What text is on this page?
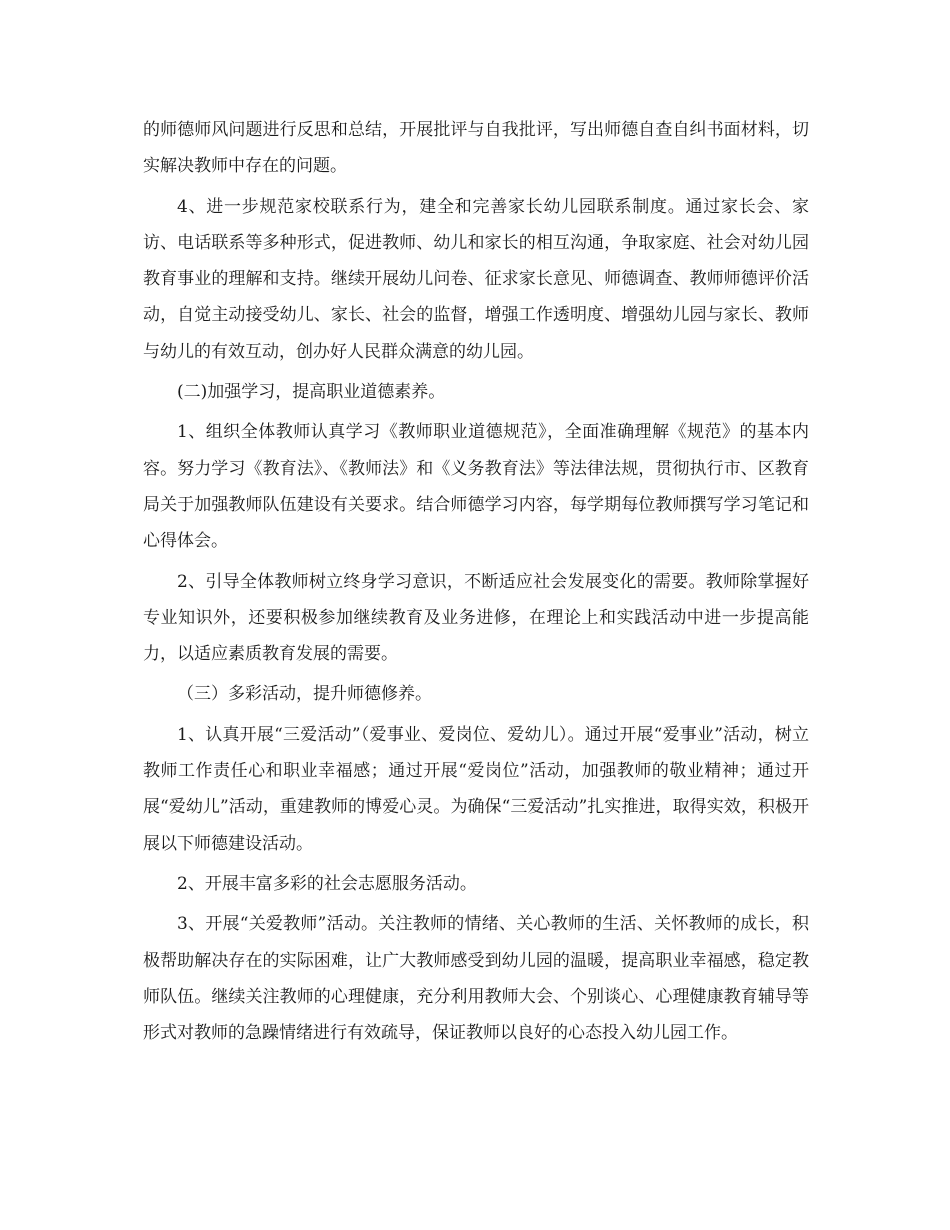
的师德师风问题进行反思和总结，开展批评与自我批评，写出师德自查自纠书面材料，切实解决教师中存在的问题。

4、进一步规范家校联系行为，建全和完善家长幼儿园联系制度。通过家长会、家访、电话联系等多种形式，促进教师、幼儿和家长的相互沟通，争取家庭、社会对幼儿园教育事业的理解和支持。继续开展幼儿问卷、征求家长意见、师德调查、教师师德评价活动，自觉主动接受幼儿、家长、社会的监督，增强工作透明度、增强幼儿园与家长、教师与幼儿的有效互动，创办好人民群众满意的幼儿园。

(二)加强学习，提高职业道德素养。

1、组织全体教师认真学习《教师职业道德规范》，全面准确理解《规范》的基本内容。努力学习《教育法》、《教师法》和《义务教育法》等法律法规，贯彻执行市、区教育局关于加强教师队伍建设有关要求。结合师德学习内容，每学期每位教师撰写学习笔记和心得体会。

2、引导全体教师树立终身学习意识，不断适应社会发展变化的需要。教师除掌握好专业知识外，还要积极参加继续教育及业务进修，在理论上和实践活动中进一步提高能力，以适应素质教育发展的需要。

（三）多彩活动，提升师德修养。

1、认真开展“三爱活动”（爱事业、爱岗位、爱幼儿）。通过开展“爱事业”活动，树立教师工作责任心和职业幸福感；通过开展“爱岗位”活动，加强教师的敬业精神；通过开展“爱幼儿”活动，重建教师的博爱心灵。为确保“三爱活动”扎实推进，取得实效，积极开展以下师德建设活动。

2、开展丰富多彩的社会志愿服务活动。

3、开展“关爱教师”活动。关注教师的情绪、关心教师的生活、关怀教师的成长，积极帮助解决存在的实际困难，让广大教师感受到幼儿园的温暖，提高职业幸福感，稳定教师队伍。继续关注教师的心理健康，充分利用教师大会、个别谈心、心理健康教育辅导等形式对教师的急躁情绪进行有效疏导，保证教师以良好的心态投入幼儿园工作。
